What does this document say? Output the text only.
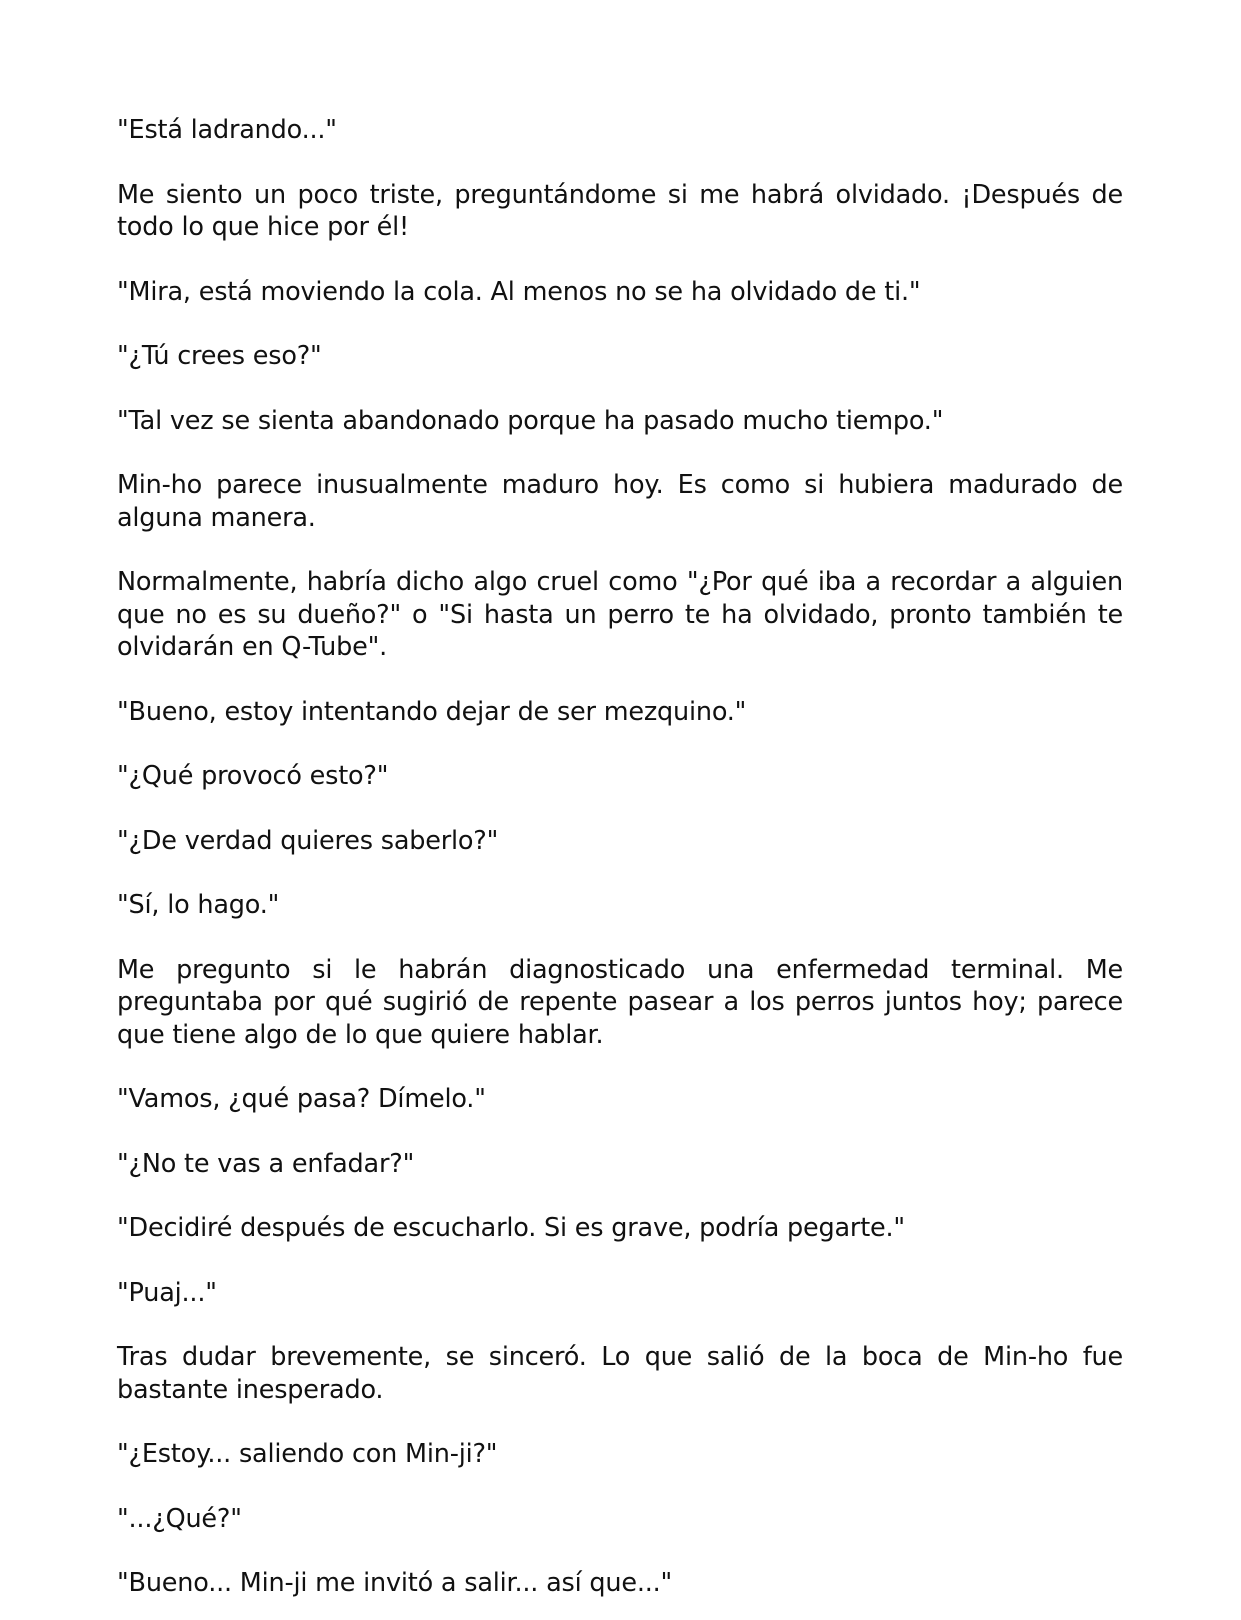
"Está ladrando..."

Me siento un poco triste, preguntándome si me habrá olvidado. ¡Después de todo lo que hice por él!

"Mira, está moviendo la cola. Al menos no se ha olvidado de ti."

"¿Tú crees eso?"

"Tal vez se sienta abandonado porque ha pasado mucho tiempo."

Min-ho parece inusualmente maduro hoy. Es como si hubiera madurado de alguna manera.

Normalmente, habría dicho algo cruel como "¿Por qué iba a recordar a alguien que no es su dueño?" o "Si hasta un perro te ha olvidado, pronto también te olvidarán en Q-Tube".

"Bueno, estoy intentando dejar de ser mezquino."

"¿Qué provocó esto?"

"¿De verdad quieres saberlo?"

"Sí, lo hago."

Me pregunto si le habrán diagnosticado una enfermedad terminal. Me preguntaba por qué sugirió de repente pasear a los perros juntos hoy; parece que tiene algo de lo que quiere hablar.

"Vamos, ¿qué pasa? Dímelo."

"¿No te vas a enfadar?"

"Decidiré después de escucharlo. Si es grave, podría pegarte."

"Puaj..."

Tras dudar brevemente, se sinceró. Lo que salió de la boca de Min-ho fue bastante inesperado.

"¿Estoy... saliendo con Min-ji?"

"...¿Qué?"

"Bueno... Min-ji me invitó a salir... así que..."
